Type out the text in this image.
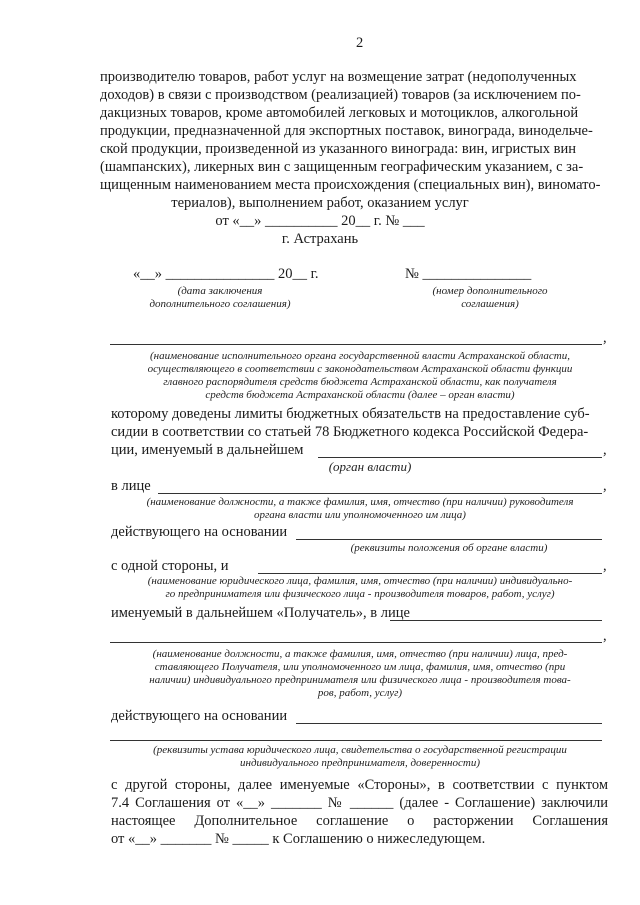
2
производителю товаров, работ услуг на возмещение затрат (недополученных
доходов) в связи с производством (реализацией) товаров (за исключением по-
дакцизных товаров, кроме автомобилей легковых и мотоциклов, алкогольной
продукции, предназначенной для экспортных поставок, винограда, винодельче-
ской продукции, произведенной из указанного винограда: вин, игристых вин
(шампанских), ликерных вин с защищенным географическим указанием, с за-
щищенным наименованием места происхождения (специальных вин), виномато-
териалов), выполнением работ, оказанием услуг
от «__» __________ 20__ г. № ___
г. Астрахань
«__» _______________ 20__ г.
(дата заключения
дополнительного соглашения)
№ _______________
(номер дополнительного
соглашения)
,
(наименование исполнительного органа государственной власти Астраханской области,
осуществляющего в соответствии с законодательством Астраханской области функции
главного распорядителя средств бюджета Астраханской области, как получателя
средств бюджета Астраханской области (далее – орган власти)
которому доведены лимиты бюджетных обязательств на предоставление суб-
сидии в соответствии со статьей 78 Бюджетного кодекса Российской Федера-
ции, именуемый в дальнейшем	,
(орган власти)
в лице	,
(наименование должности, а также фамилия, имя, отчество (при наличии) руководителя
органа власти или уполномоченного им лица)
действующего на основании
(реквизиты положения об органе власти)
с одной стороны, и	,
(наименование юридического лица, фамилия, имя, отчество (при наличии) индивидуально-
го предпринимателя или физического лица - производителя товаров, работ, услуг)
именуемый в дальнейшем «Получатель», в лице
,
(наименование должности, а также фамилия, имя, отчество (при наличии) лица, пред-
ставляющего Получателя, или уполномоченного им лица, фамилия, имя, отчество (при
наличии) индивидуального предпринимателя или физического лица - производителя това-
ров, работ, услуг)
действующего на основании
(реквизиты устава юридического лица, свидетельства о государственной регистрации
индивидуального предпринимателя, доверенности)
с другой стороны, далее именуемые «Стороны», в соответствии с пунктом
7.4 Соглашения от «__» _______ № ______ (далее - Соглашение) заключили
настоящее Дополнительное соглашение о расторжении Соглашения
от «__» _______ № _____ к Соглашению о нижеследующем.
